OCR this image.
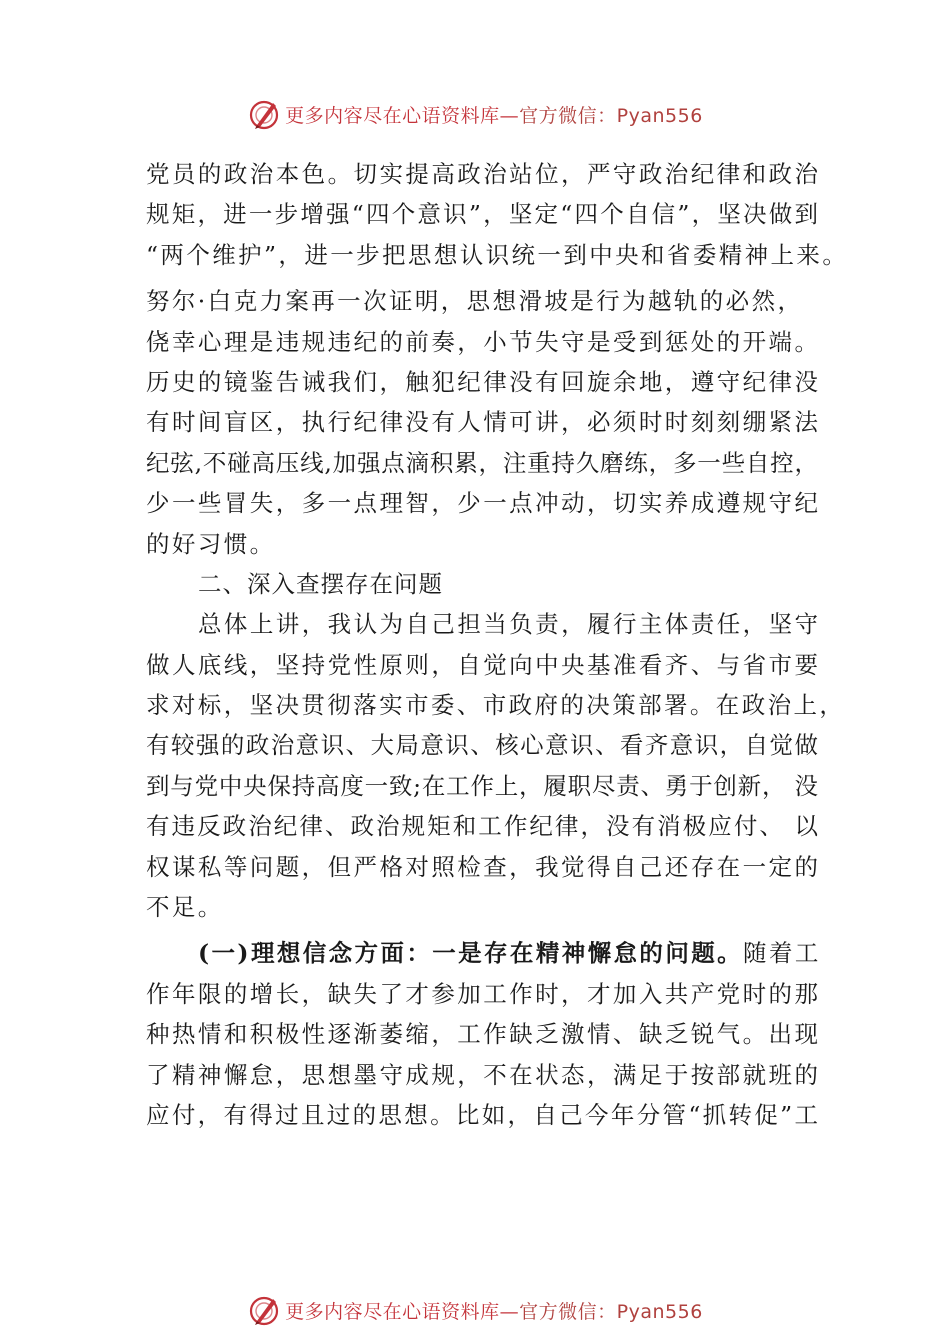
更多内容尽在心语资料库—官方微信：Pyan556
党员的政治本色。切实提高政治站位，严守政治纪律和政治
规矩，进一步增强“四个意识”，坚定“四个自信”，坚决做到
“两个维护”，进一步把思想认识统一到中央和省委精神上来。
努尔·白克力案再一次证明，思想滑坡是行为越轨的必然，
侥幸心理是违规违纪的前奏，小节失守是受到惩处的开端。
历史的镜鉴告诫我们，触犯纪律没有回旋余地，遵守纪律没
有时间盲区，执行纪律没有人情可讲，必须时时刻刻绷紧法
纪弦,不碰高压线,加强点滴积累，注重持久磨练，多一些自控，
少一些冒失，多一点理智，少一点冲动，切实养成遵规守纪
的好习惯。
二、深入查摆存在问题
总体上讲，我认为自己担当负责，履行主体责任，坚守
做人底线，坚持党性原则，自觉向中央基准看齐、与省市要
求对标，坚决贯彻落实市委、市政府的决策部署。在政治上，
有较强的政治意识、大局意识、核心意识、看齐意识，自觉做
到与党中央保持高度一致;在工作上，履职尽责、勇于创新， 没
有违反政治纪律、政治规矩和工作纪律，没有消极应付、 以
权谋私等问题，但严格对照检查，我觉得自己还存在一定的
不足。
(一)理想信念方面：一是存在精神懈怠的问题。随着工
作年限的增长，缺失了才参加工作时，才加入共产党时的那
种热情和积极性逐渐萎缩，工作缺乏激情、缺乏锐气。出现
了精神懈怠，思想墨守成规，不在状态，满足于按部就班的
应付，有得过且过的思想。比如，自己今年分管“抓转促”工
更多内容尽在心语资料库—官方微信：Pyan556
